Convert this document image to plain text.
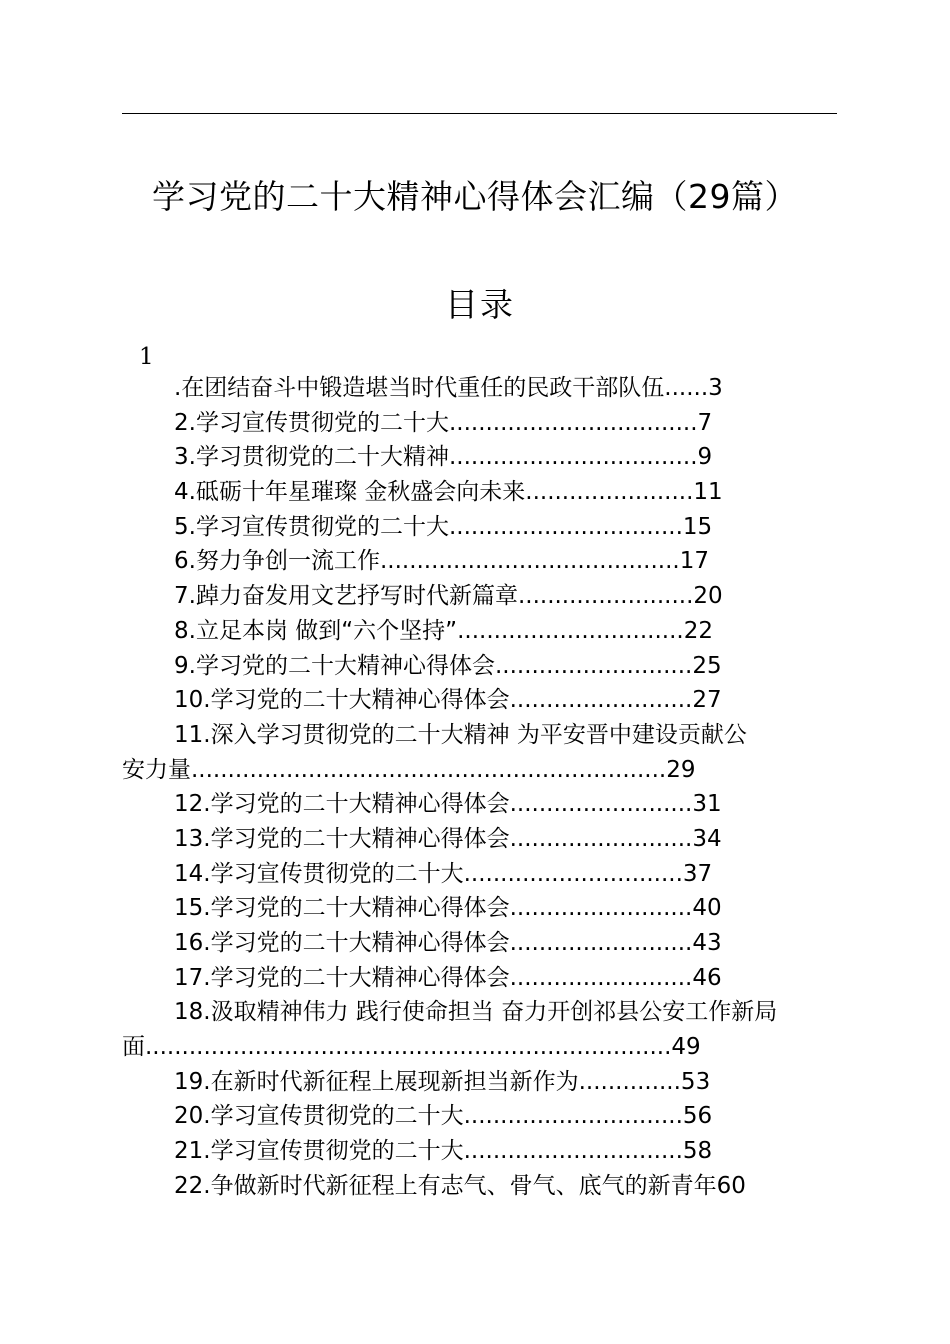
学习党的二十大精神心得体会汇编（29篇）
目录
1
.在团结奋斗中锻造堪当时代重任的民政干部队伍......3
2.学习宣传贯彻党的二十大..................................7
3.学习贯彻党的二十大精神..................................9
4.砥砺十年星璀璨 金秋盛会向未来.......................11
5.学习宣传贯彻党的二十大................................15
6.努力争创一流工作.........................................17
7.踔力奋发用文艺抒写时代新篇章........................20
8.立足本岗 做到“六个坚持”...............................22
9.学习党的二十大精神心得体会...........................25
10.学习党的二十大精神心得体会.........................27
11.深入学习贯彻党的二十大精神 为平安晋中建设贡献公
安力量.................................................................29
12.学习党的二十大精神心得体会.........................31
13.学习党的二十大精神心得体会.........................34
14.学习宣传贯彻党的二十大..............................37
15.学习党的二十大精神心得体会.........................40
16.学习党的二十大精神心得体会.........................43
17.学习党的二十大精神心得体会.........................46
18.汲取精神伟力 践行使命担当 奋力开创祁县公安工作新局
面........................................................................49
19.在新时代新征程上展现新担当新作为..............53
20.学习宣传贯彻党的二十大..............................56
21.学习宣传贯彻党的二十大..............................58
22.争做新时代新征程上有志气、骨气、底气的新青年60
